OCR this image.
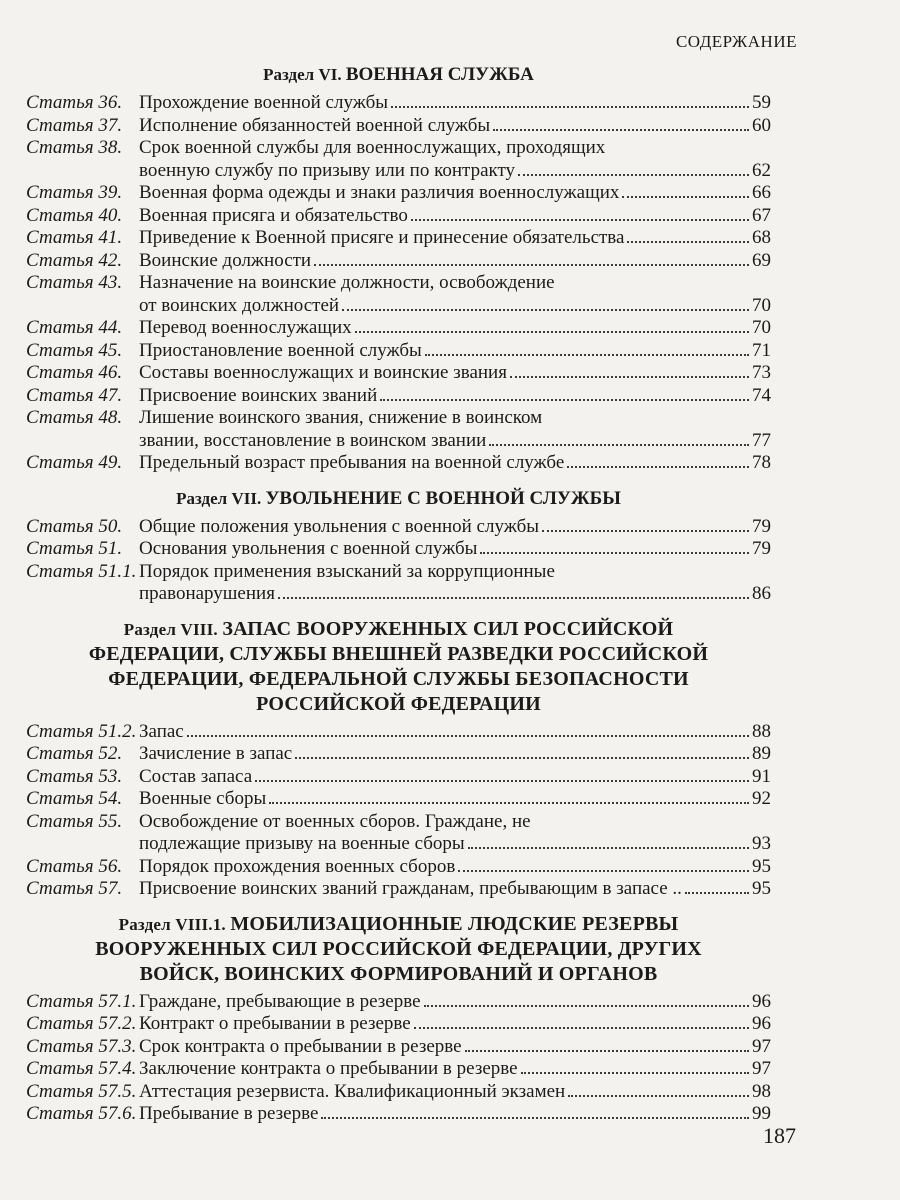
СОДЕРЖАНИЕ
Раздел VI. ВОЕННАЯ СЛУЖБА
Статья 36. Прохождение военной службы	59
Статья 37. Исполнение обязанностей военной службы	60
Статья 38. Срок военной службы для военнослужащих, проходящих
военную службу по призыву или по контракту	62
Статья 39. Военная форма одежды и знаки различия военнослужащих	66
Статья 40. Военная присяга и обязательство	67
Статья 41. Приведение к Военной присяге и принесение обязательства	68
Статья 42. Воинские должности	69
Статья 43. Назначение на воинские должности, освобождение
от воинских должностей	70
Статья 44. Перевод военнослужащих	70
Статья 45. Приостановление военной службы	71
Статья 46. Составы военнослужащих и воинские звания	73
Статья 47. Присвоение воинских званий	74
Статья 48. Лишение воинского звания, снижение в воинском
звании, восстановление в воинском звании	77
Статья 49. Предельный возраст пребывания на военной службе	78
Раздел VII. УВОЛЬНЕНИЕ С ВОЕННОЙ СЛУЖБЫ
Статья 50. Общие положения увольнения с военной службы	79
Статья 51. Основания увольнения с военной службы	79
Статья 51.1. Порядок применения взысканий за коррупционные
правонарушения	86
Раздел VIII. ЗАПАС ВООРУЖЕННЫХ СИЛ РОССИЙСКОЙ
ФЕДЕРАЦИИ, СЛУЖБЫ ВНЕШНЕЙ РАЗВЕДКИ РОССИЙСКОЙ
ФЕДЕРАЦИИ, ФЕДЕРАЛЬНОЙ СЛУЖБЫ БЕЗОПАСНОСТИ
РОССИЙСКОЙ ФЕДЕРАЦИИ
Статья 51.2. Запас	88
Статья 52. Зачисление в запас	89
Статья 53. Состав запаса	91
Статья 54. Военные сборы	92
Статья 55. Освобождение от военных сборов. Граждане, не
подлежащие призыву на военные сборы	93
Статья 56. Порядок прохождения военных сборов	95
Статья 57. Присвоение воинских званий гражданам, пребывающим в запасе ..	95
Раздел VIII.1. МОБИЛИЗАЦИОННЫЕ ЛЮДСКИЕ РЕЗЕРВЫ
ВООРУЖЕННЫХ СИЛ РОССИЙСКОЙ ФЕДЕРАЦИИ, ДРУГИХ
ВОЙСК, ВОИНСКИХ ФОРМИРОВАНИЙ И ОРГАНОВ
Статья 57.1. Граждане, пребывающие в резерве	96
Статья 57.2. Контракт о пребывании в резерве	96
Статья 57.3. Срок контракта о пребывании в резерве	97
Статья 57.4. Заключение контракта о пребывании в резерве	97
Статья 57.5. Аттестация резервиста. Квалификационный экзамен	98
Статья 57.6. Пребывание в резерве	99
187
